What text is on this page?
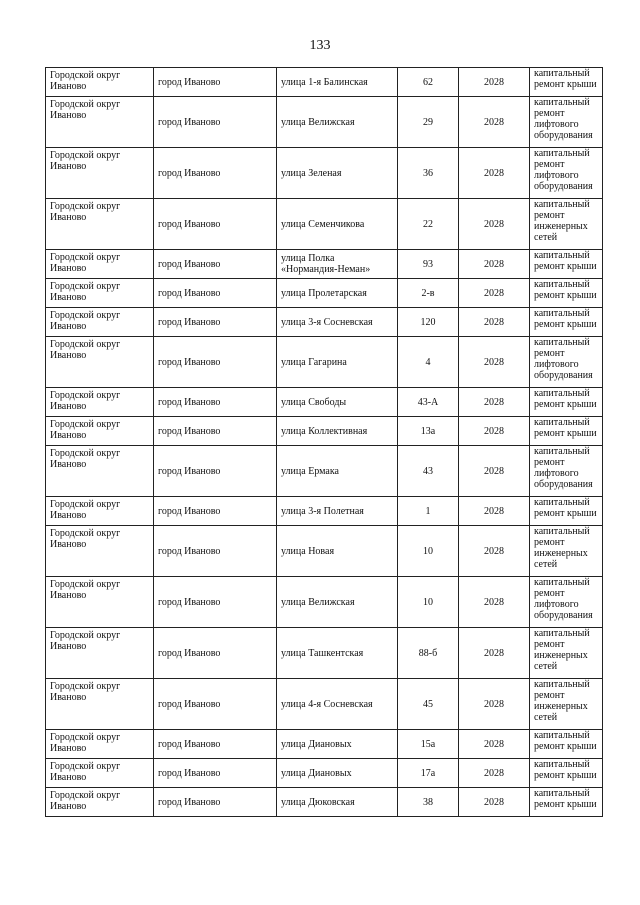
133
Городской округ Иваново	город Иваново	улица 1-я Балинская	62	2028	капитальный ремонт крыши
Городской округ Иваново	город Иваново	улица Велижская	29	2028	капитальный ремонт лифтового оборудования
Городской округ Иваново	город Иваново	улица Зеленая	36	2028	капитальный ремонт лифтового оборудования
Городской округ Иваново	город Иваново	улица Семенчикова	22	2028	капитальный ремонт инженерных сетей
Городской округ Иваново	город Иваново	улица Полка «Нормандия-Неман»	93	2028	капитальный ремонт крыши
Городской округ Иваново	город Иваново	улица Пролетарская	2-в	2028	капитальный ремонт крыши
Городской округ Иваново	город Иваново	улица 3-я Сосневская	120	2028	капитальный ремонт крыши
Городской округ Иваново	город Иваново	улица Гагарина	4	2028	капитальный ремонт лифтового оборудования
Городской округ Иваново	город Иваново	улица Свободы	43-А	2028	капитальный ремонт крыши
Городской округ Иваново	город Иваново	улица Коллективная	13а	2028	капитальный ремонт крыши
Городской округ Иваново	город Иваново	улица Ермака	43	2028	капитальный ремонт лифтового оборудования
Городской округ Иваново	город Иваново	улица 3-я Полетная	1	2028	капитальный ремонт крыши
Городской округ Иваново	город Иваново	улица Новая	10	2028	капитальный ремонт инженерных сетей
Городской округ Иваново	город Иваново	улица Велижская	10	2028	капитальный ремонт лифтового оборудования
Городской округ Иваново	город Иваново	улица Ташкентская	88-б	2028	капитальный ремонт инженерных сетей
Городской округ Иваново	город Иваново	улица 4-я Сосневская	45	2028	капитальный ремонт инженерных сетей
Городской округ Иваново	город Иваново	улица Диановых	15а	2028	капитальный ремонт крыши
Городской округ Иваново	город Иваново	улица Диановых	17а	2028	капитальный ремонт крыши
Городской округ Иваново	город Иваново	улица Дюковская	38	2028	капитальный ремонт крыши
